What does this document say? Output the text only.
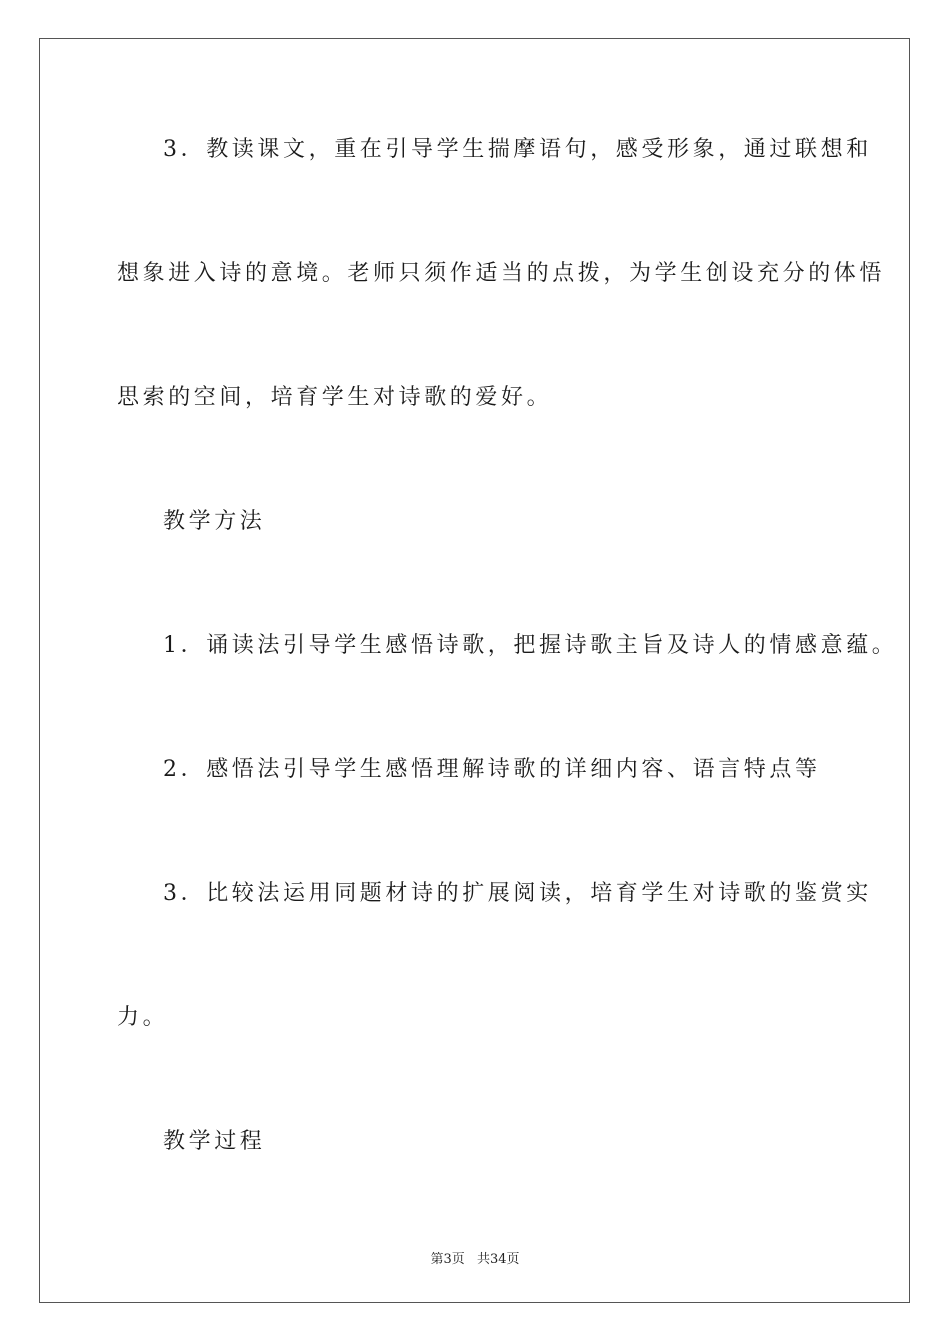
3．教读课文，重在引导学生揣摩语句，感受形象，通过联想和
想象进入诗的意境。老师只须作适当的点拨，为学生创设充分的体悟
思索的空间，培育学生对诗歌的爱好。
教学方法
1．诵读法引导学生感悟诗歌，把握诗歌主旨及诗人的情感意蕴。
2．感悟法引导学生感悟理解诗歌的详细内容、语言特点等
3．比较法运用同题材诗的扩展阅读，培育学生对诗歌的鉴赏实
力。
教学过程
第3页 共34页
